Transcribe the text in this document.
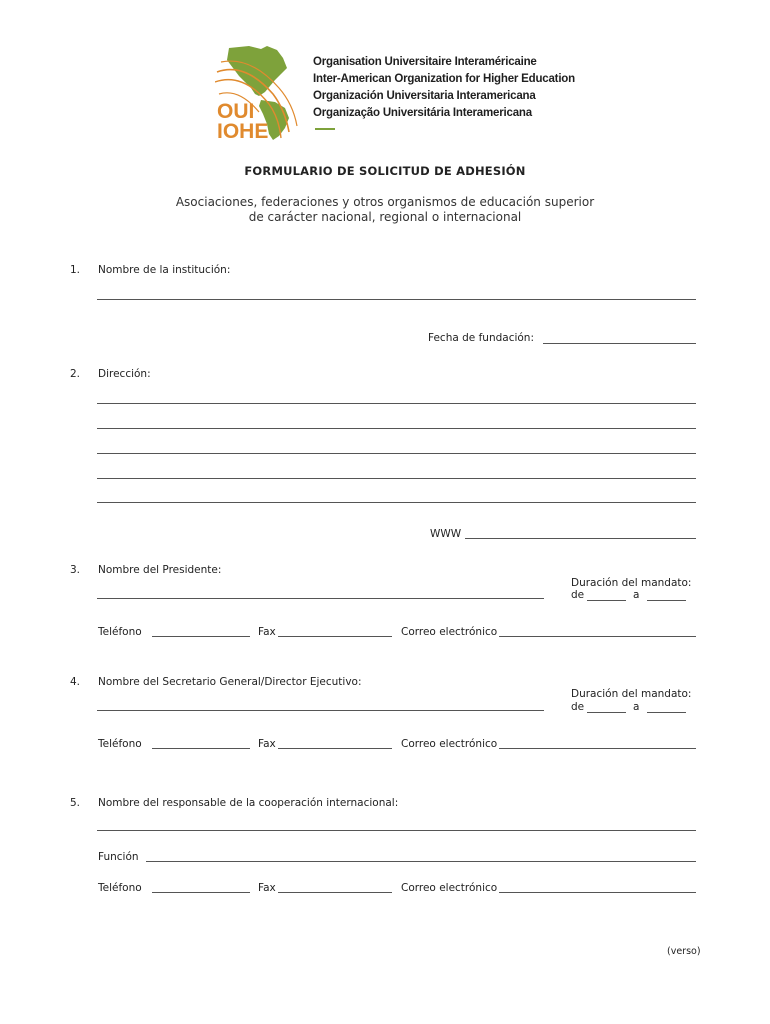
OUI
IOHE
Organisation Universitaire Interaméricaine
Inter-American Organization for Higher Education
Organización Universitaria Interamericana
Organização Universitária Interamericana
FORMULARIO DE SOLICITUD DE ADHESIÓN
Asociaciones, federaciones y otros organismos de educación superior
de carácter nacional, regional o internacional
1. Nombre de la institución:
Fecha de fundación:
2. Dirección:
WWW
3. Nombre del Presidente:
Duración del mandato:
de	a
Teléfono	Fax	Correo electrónico
4. Nombre del Secretario General/Director Ejecutivo:
Duración del mandato:
de	a
Teléfono	Fax	Correo electrónico
5. Nombre del responsable de la cooperación internacional:
Función
Teléfono	Fax	Correo electrónico
(verso)
